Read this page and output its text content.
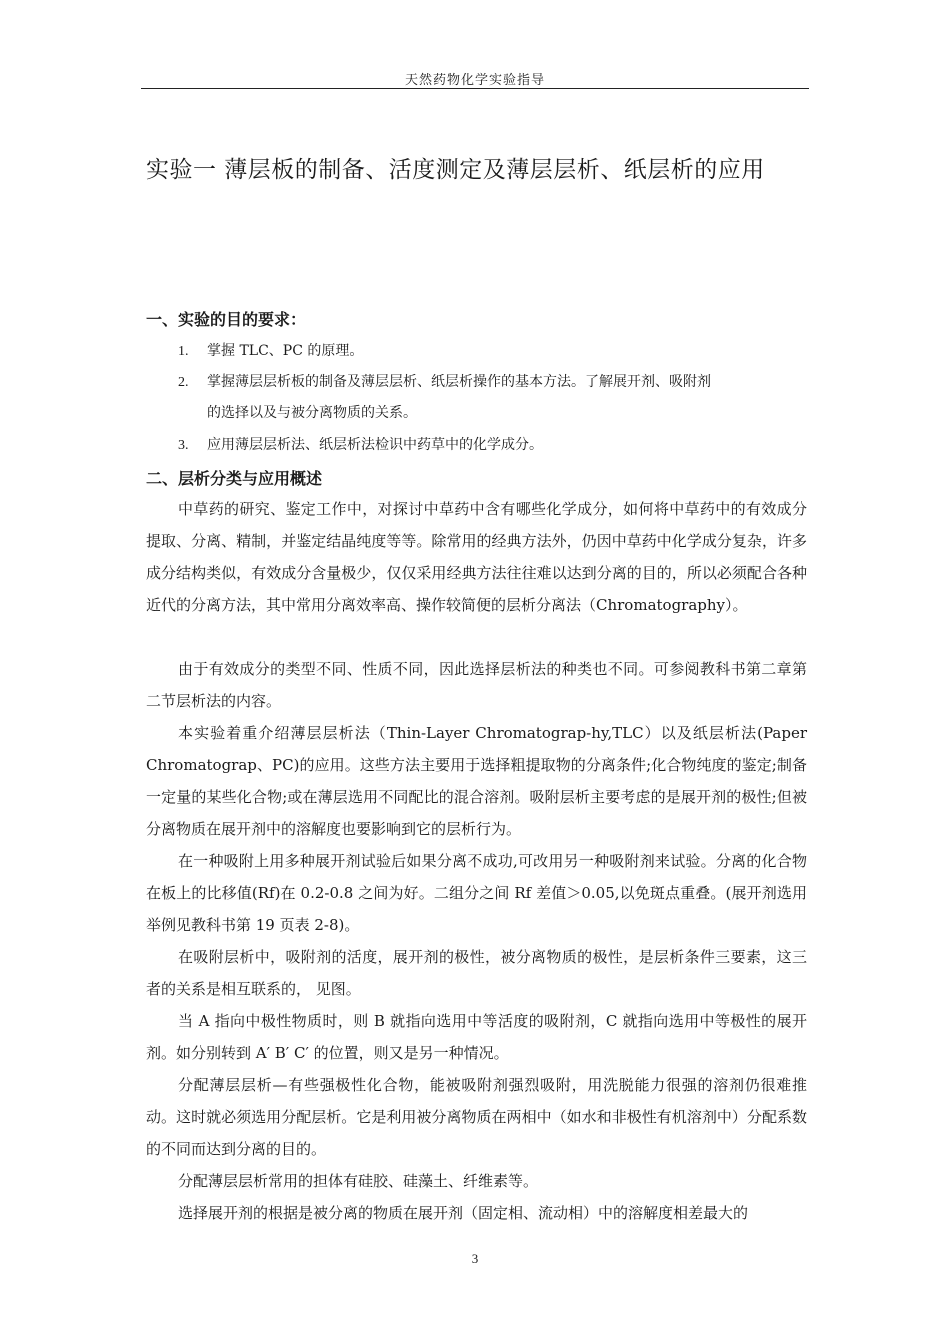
天然药物化学实验指导
实验一 薄层板的制备、活度测定及薄层层析、纸层析的应用
一、实验的目的要求：
1. 掌握 TLC、PC 的原理。
2. 掌握薄层层析板的制备及薄层层析、纸层析操作的基本方法。了解展开剂、吸附剂
的选择以及与被分离物质的关系。
3. 应用薄层层析法、纸层析法检识中药草中的化学成分。
二、层析分类与应用概述

中草药的研究、鉴定工作中，对探讨中草药中含有哪些化学成分，如何将中草药中的有效成分提取、分离、精制，并鉴定结晶纯度等等。除常用的经典方法外，仍因中草药中化学成分复杂，许多成分结构类似，有效成分含量极少，仅仅采用经典方法往往难以达到分离的目的，所以必须配合各种近代的分离方法，其中常用分离效率高、操作较简便的层析分离法（Chromatography）。

由于有效成分的类型不同、性质不同，因此选择层析法的种类也不同。可参阅教科书第二章第二节层析法的内容。

本实验着重介绍薄层层析法（Thin-Layer Chromatograp-hy,TLC）以及纸层析法(Paper Chromatograp、PC)的应用。这些方法主要用于选择粗提取物的分离条件;化合物纯度的鉴定;制备一定量的某些化合物;或在薄层选用不同配比的混合溶剂。吸附层析主要考虑的是展开剂的极性;但被分离物质在展开剂中的溶解度也要影响到它的层析行为。

在一种吸附上用多种展开剂试验后如果分离不成功,可改用另一种吸附剂来试验。分离的化合物在板上的比移值(Rf)在 0.2-0.8 之间为好。二组分之间 Rf 差值＞0.05,以免斑点重叠。(展开剂选用举例见教科书第 19 页表 2-8)。

在吸附层析中，吸附剂的活度，展开剂的极性，被分离物质的极性，是层析条件三要素，这三者的关系是相互联系的， 见图。

当 A 指向中极性物质时，则 B 就指向选用中等活度的吸附剂，C 就指向选用中等极性的展开剂。如分别转到 A′ B′ C′ 的位置，则又是另一种情况。

分配薄层层析—有些强极性化合物，能被吸附剂强烈吸附，用洗脱能力很强的溶剂仍很难推动。这时就必须选用分配层析。它是利用被分离物质在两相中（如水和非极性有机溶剂中）分配系数的不同而达到分离的目的。

分配薄层层析常用的担体有硅胶、硅藻土、纤维素等。

选择展开剂的根据是被分离的物质在展开剂（固定相、流动相）中的溶解度相差最大的

3
